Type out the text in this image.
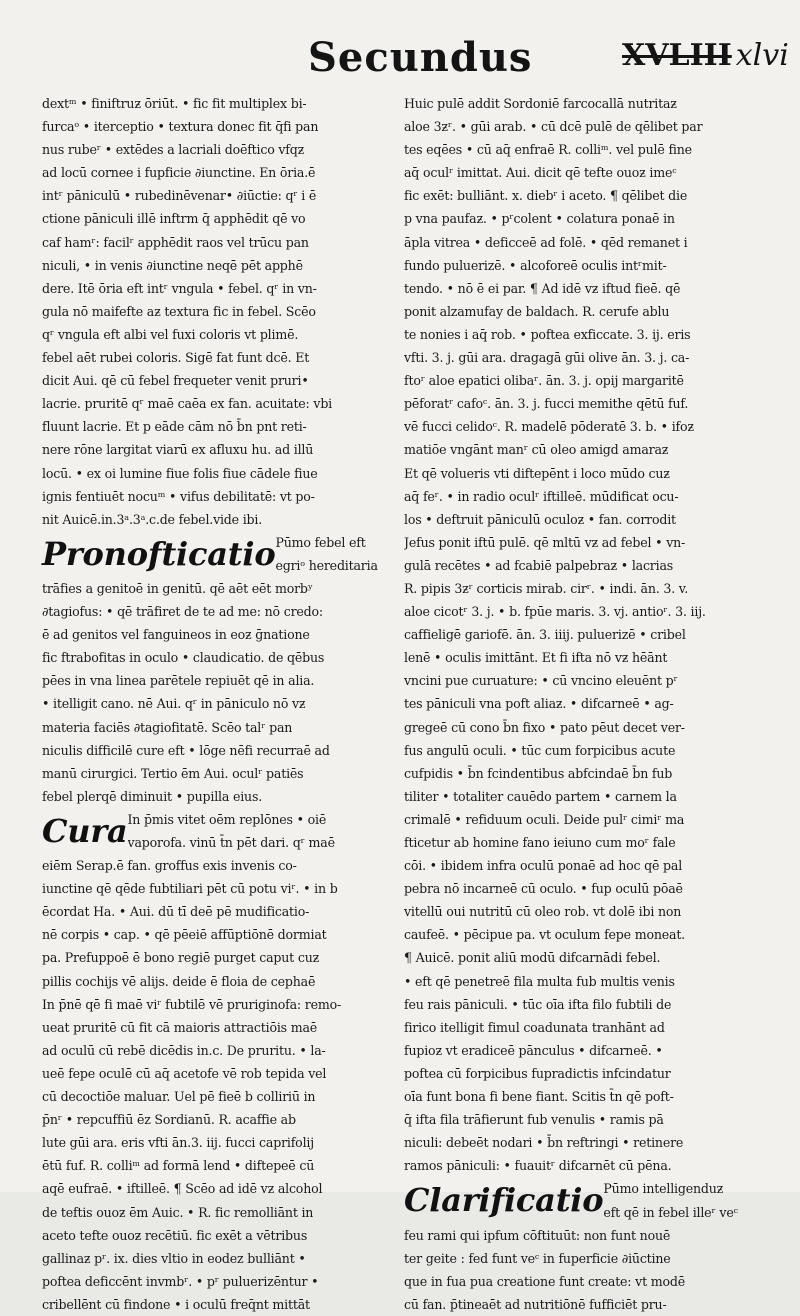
Secundus	XVLIII xlvi
dextᵐ • finiftruƶ ōriūt. • fic fit multiplex bi‐
furcaᵒ • iterceptio • textura donec fit q̄fi pan
nus rubeʳ • extēdes a lacriali doēftico vfqƶ
ad locū cornee i fupficie ∂iunctine. En ōria.ē
intʳ pāniculū • rubedinēvenar• ∂iūctie: qʳ i ē
ctione pāniculi illē inftrm q̄ apphēdit qē vo
caf hamʳ: facilʳ apphēdit raos vel trūcu pan
niculi, • in venis ∂iunctine neqē pēt apphē
dere. Itē ōria eft intʳ vngula • febel. qʳ in vn‐
gula nō maifefte aƶ textura fic in febel. Scēo
qʳ vngula eft albi vel fuxi coloris vt plimē.
febel aēt rubei coloris. Sigē fat funt dcē. Et
dicit Aui. qē cū febel frequeter venit pruri•
lacrie. pruritē qʳ maē caēa ex fan. acuitate: vbi
fluunt lacrie. Et p eāde cām nō b̄n pnt reti‐
nere rōne largitat viarū ex afluxu hu. ad illū
locū. • ex oi lumine fiue folis fiue cādele fiue
ignis fentiuēt nocuᵐ • vifus debilitatē: vt po‐
nit Auicē.in.3ᵃ.3ᵃ.c.de febel.vide ibi.
Pronofticatio Pūmo febel eft
egriᵒ hereditaria
trāfies a genitoē in genitū. qē aēt eēt morbʸ
∂tagiofus: • qē trāfiret de te ad me: nō credo:
ē ad genitos vel fanguineos in eoƶ ḡnatione
fic ftrabofitas in oculo • claudicatio. de qēbus
pēes in vna linea parētele repiuēt qē in alia.
• itelligit cano. nē Aui. qʳ in pāniculo nō vƶ
materia faciēs ∂tagiofitatē. Scēo talʳ pan
niculis difficilē cure eft • lōge nēfi recurraē ad
manū cirurgici. Tertio ēm Aui. oculʳ patiēs
febel plerqē diminuit • pupilla eius.
Cura In p̄mis vitet oēm replōnes • oiē
vaporofa. vinū t̄n pēt dari. qʳ maē
eiēm Serap.ē fan. groffus exis invenis co‐
iunctine qē qēde fubtiliari pēt cū potu viʳ. • in b
ēcordat Ha. • Aui. dū tī deē pē mudificatio‐
nē corpis • cap. • qē pēeiē affūptiōnē dormiat
pa. Prefuppoē ē bono regiē purget caput cuƶ
pillis cochijs vē alijs. deide ē floia de cephaē
In p̄nē qē fi maē viʳ fubtilē vē pruriginofa: remo‐
ueat pruritē cū fit cā maioris attractiōis maē
ad oculū cū rebē dicēdis in.c. De pruritu. • la‐
ueē fepe oculē cū aq̄ acetofe vē rob tepida vel
cū decoctiōe maluar. Uel pē fieē b colliriū in
p̄nʳ • repcuffiū ēz Sordianū. R. acaffie ab
lute gūi ara. eris vfti ān.3. iij. fucci caprifolij
ētū fuf. R. colliᵐ ad formā lend • diftepeē cū
aqē eufraē. • iftilleē. ¶ Scēo ad idē vƶ alcohol
de teftis ouoƶ ēm Auic. • R. fic remolliānt in
aceto tefte ouoƶ recētiū. fic exēt a vētribus
gallinaƶ pʳ. ix. dies vltio in eodez bulliānt •
poftea deficcēnt invmbʳ. • pʳ puluerizēntur •
cribellēnt cū findone • i oculū freq̄nt mittāt
Huic pulē addit Sordoniē farcocallā nutritaƶ
aloe 3ƶʳ. • gūi arab. • cū dcē pulē de qēlibet par
tes eqēes • cū aq̄ enfraē R. colliᵐ. vel pulē fine
aq̄ oculʳ imittat. Aui. dicit qē tefte ouoƶ imeᶜ
fic exēt: bulliānt. x. diebʳ i aceto. ¶ qēlibet die
p vna paufaƶ. • pʳcolent • colatura ponaē in
āpla vitrea • deficceē ad folē. • qēd remanet i
fundo puluerizē. • alcoforeē oculis intʳmit‐
tendo. • nō ē ei par. ¶ Ad idē vƶ iftud fieē. qē
ponit alzamufay de baldach. R. cerufe ablu
te nonies i aq̄ rob. • poftea exficcate. 3. ij. eris
vfti. 3. j. gūi ara. dragagā gūi olive ān. 3. j. ca‐
ftoʳ aloe epatici olibaʳ. ān. 3. j. opij margaritē
pēforatʳ cafoᶜ. ān. 3. j. fucci memithe qētū fuf.
vē fucci celidoᶜ. R. madelē pōderatē 3. b. • ifoƶ
matiōe vngānt manʳ cū oleo amigd amaraƶ
Et qē volueris vti diftepēnt i loco mūdo cuƶ
aq̄ feʳ. • in radio oculʳ iftilleē. mūdificat ocu‐
los • deftruit pāniculū oculoƶ • fan. corrodit
Jefus ponit iftū pulē. qē mltū vƶ ad febel • vn‐
gulā recētes • ad fcabiē palpebraƶ • lacrias
R. pipis 3ƶʳ corticis mirab. cirʳ. • indi. ān. 3. v.
aloe cicotʳ 3. j. • b. fpūe maris. 3. vj. antioʳ. 3. iij.
caffieligē gariofē. ān. 3. iiij. puluerizē • cribel
lenē • oculis imittānt. Et fi ifta nō vƶ hēānt
vncini pue curuature: • cū vncino eleuēnt pʳ
tes pāniculi vna poft aliaƶ. • difcarneē • ag‐
gregeē cū cono b̄n fixo • pato pēut decet ver‐
fus angulū oculi. • tūc cum forpicibus acute
cufpidis • b̄n fcindentibus abfcindaē b̄n fub
tiliter • totaliter cauēdo partem • carnem la
crimalē • refiduum oculi. Deide pulʳ cimiʳ ma
fticetur ab homine fano ieiuno cum moʳ fale
cōi. • ibidem infra oculū ponaē ad hoc qē pal
pebra nō incarneē cū oculo. • fup oculū pōaē
vitellū oui nutritū cū oleo rob. vt dolē ibi non
caufeē. • pēcipue pa. vt oculum fepe moneat.
¶ Auicē. ponit aliū modū difcarnādi febel.
• eft qē penetreē fila multa fub multis venis
feu rais pāniculi. • tūc oīa ifta filo fubtili de
firico itelligit fimul coadunata tranhānt ad
fupioƶ vt eradiceē pānculus • difcarneē. •
poftea cū forpicibus fupradictis infcindatur
oīa funt bona fi bene fiant. Scitis t̄n qē poft‐
q̄ ifta fila trāfierunt fub venulis • ramis pā
niculi: debeēt nodari • b̄n reftringi • retinere
ramos pāniculi: • fuauitʳ difcarnēt cū pēna.
Clarificatio Pūmo intelligenduƶ
eft qē in febel illeʳ veᶜ
feu rami qui ipfum cōftituūt: non funt nouē
ter geite : fed funt veᶜ in fuperficie ∂iūctine
que in fua pua creatione funt create: vt modē
cū fan. p̄tineaēt ad nutritiōnē fufficiēt pru‐
